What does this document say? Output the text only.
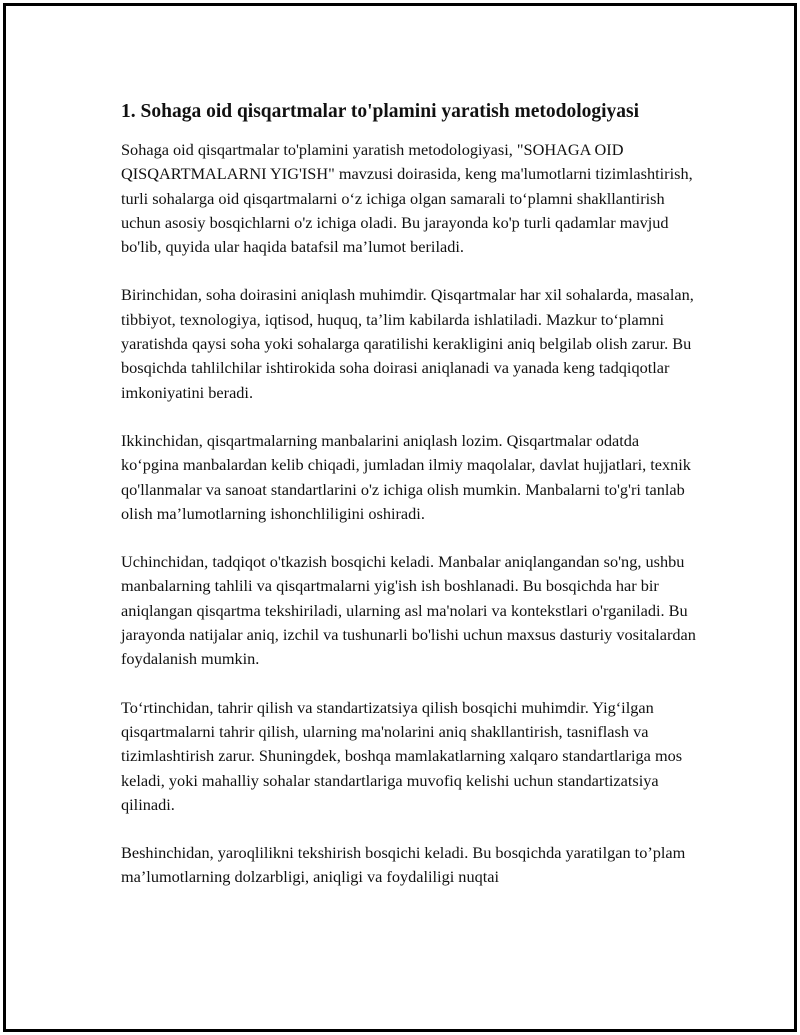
1. Sohaga oid qisqartmalar to'plamini yaratish metodologiyasi

Sohaga oid qisqartmalar to'plamini yaratish metodologiyasi, "SOHAGA OID QISQARTMALARNI YIG'ISH" mavzusi doirasida, keng ma'lumotlarni tizimlashtirish, turli sohalarga oid qisqartmalarni oʻz ichiga olgan samarali toʻplamni shakllantirish uchun asosiy bosqichlarni o'z ichiga oladi. Bu jarayonda ko'p turli qadamlar mavjud bo'lib, quyida ular haqida batafsil ma’lumot beriladi.

Birinchidan, soha doirasini aniqlash muhimdir. Qisqartmalar har xil sohalarda, masalan, tibbiyot, texnologiya, iqtisod, huquq, ta’lim kabilarda ishlatiladi. Mazkur toʻplamni yaratishda qaysi soha yoki sohalarga qaratilishi kerakligini aniq belgilab olish zarur. Bu bosqichda tahlilchilar ishtirokida soha doirasi aniqlanadi va yanada keng tadqiqotlar imkoniyatini beradi.

Ikkinchidan, qisqartmalarning manbalarini aniqlash lozim. Qisqartmalar odatda koʻpgina manbalardan kelib chiqadi, jumladan ilmiy maqolalar, davlat hujjatlari, texnik qo'llanmalar va sanoat standartlarini o'z ichiga olish mumkin. Manbalarni to'g'ri tanlab olish ma’lumotlarning ishonchliligini oshiradi.

Uchinchidan, tadqiqot o'tkazish bosqichi keladi. Manbalar aniqlangandan so'ng, ushbu manbalarning tahlili va qisqartmalarni yig'ish ish boshlanadi. Bu bosqichda har bir aniqlangan qisqartma tekshiriladi, ularning asl ma'nolari va kontekstlari o'rganiladi. Bu jarayonda natijalar aniq, izchil va tushunarli bo'lishi uchun maxsus dasturiy vositalardan foydalanish mumkin.

Toʻrtinchidan, tahrir qilish va standartizatsiya qilish bosqichi muhimdir. Yigʻilgan qisqartmalarni tahrir qilish, ularning ma'nolarini aniq shakllantirish, tasniflash va tizimlashtirish zarur. Shuningdek, boshqa mamlakatlarning xalqaro standartlariga mos keladi, yoki mahalliy sohalar standartlariga muvofiq kelishi uchun standartizatsiya qilinadi.

Beshinchidan, yaroqlilikni tekshirish bosqichi keladi. Bu bosqichda yaratilgan to’plam ma’lumotlarning dolzarbligi, aniqligi va foydaliligi nuqtai
